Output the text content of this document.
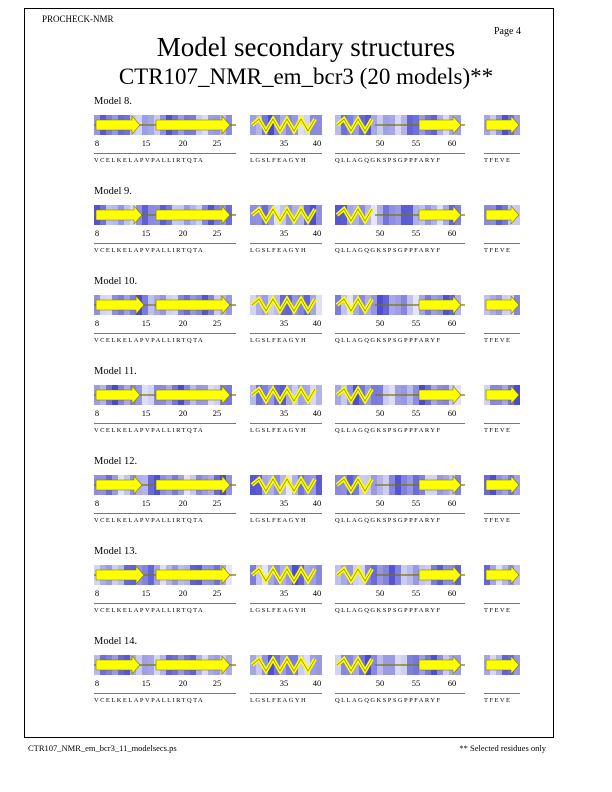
PROCHECK-NMR
Page 4
Model secondary structures
CTR107_NMR_em_bcr3 (20 models)**
Model 8.
VCELKELAPVPALLIRTQTA	LGSLFEAGYH	QLLAGQGKSPSGPPFARYF	TFEVE
8	15	20	25	35	40	50	55	60
Model 9.
VCELKELAPVPALLIRTQTA	LGSLFEAGYH	QLLAGQGKSPSGPPFARYF	TFEVE
8	15	20	25	35	40	50	55	60
Model 10.
VCELKELAPVPALLIRTQTA	LGSLFEAGYH	QLLAGQGKSPSGPPFARYF	TFEVE
8	15	20	25	35	40	50	55	60
Model 11.
VCELKELAPVPALLIRTQTA	LGSLFEAGYH	QLLAGQGKSPSGPPFARYF	TFEVE
8	15	20	25	35	40	50	55	60
Model 12.
VCELKELAPVPALLIRTQTA	LGSLFEAGYH	QLLAGQGKSPSGPPFARYF	TFEVE
8	15	20	25	35	40	50	55	60
Model 13.
VCELKELAPVPALLIRTQTA	LGSLFEAGYH	QLLAGQGKSPSGPPFARYF	TFEVE
8	15	20	25	35	40	50	55	60
Model 14.
VCELKELAPVPALLIRTQTA	LGSLFEAGYH	QLLAGQGKSPSGPPFARYF	TFEVE
8	15	20	25	35	40	50	55	60
CTR107_NMR_em_bcr3_11_modelsecs.ps	** Selected residues only
